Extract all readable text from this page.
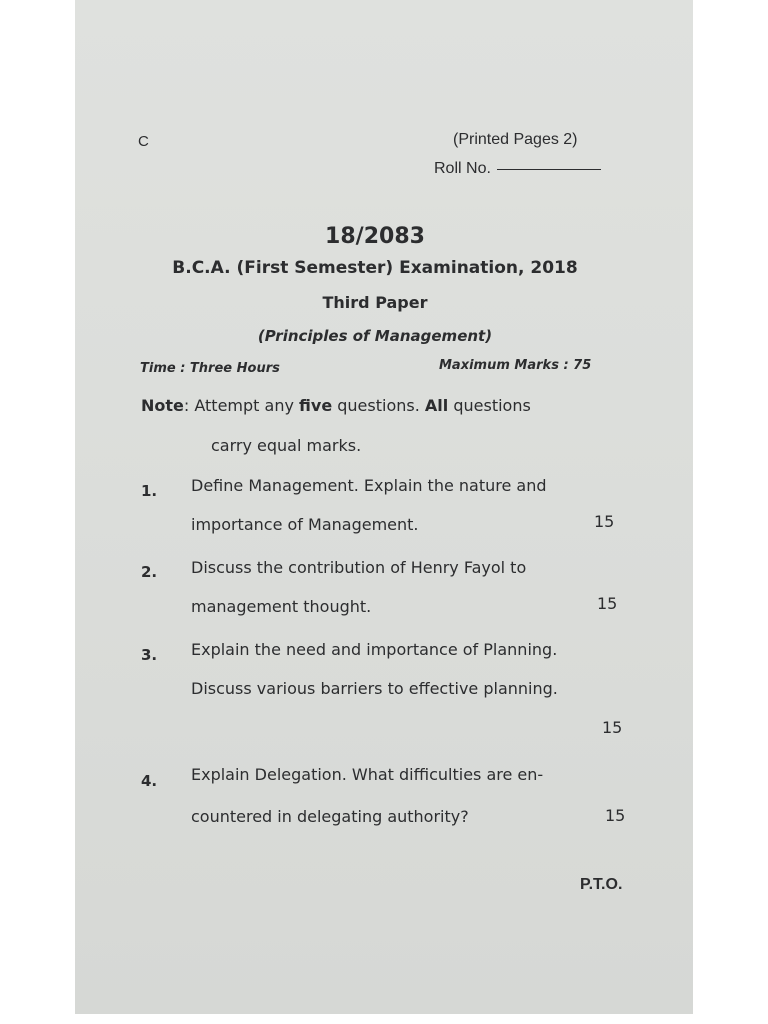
C	(Printed Pages 2)
Roll No.
18/2083
B.C.A. (First Semester) Examination, 2018
Third Paper
(Principles of Management)
Time : Three Hours	Maximum Marks : 75
Note: Attempt any five questions. All questions
carry equal marks.
1. Define Management. Explain the nature and
importance of Management.	15
2. Discuss the contribution of Henry Fayol to
management thought.	15
3. Explain the need and importance of Planning.
Discuss various barriers to effective planning.
15
4. Explain Delegation. What difficulties are en-
countered in delegating authority?	15
P.T.O.
